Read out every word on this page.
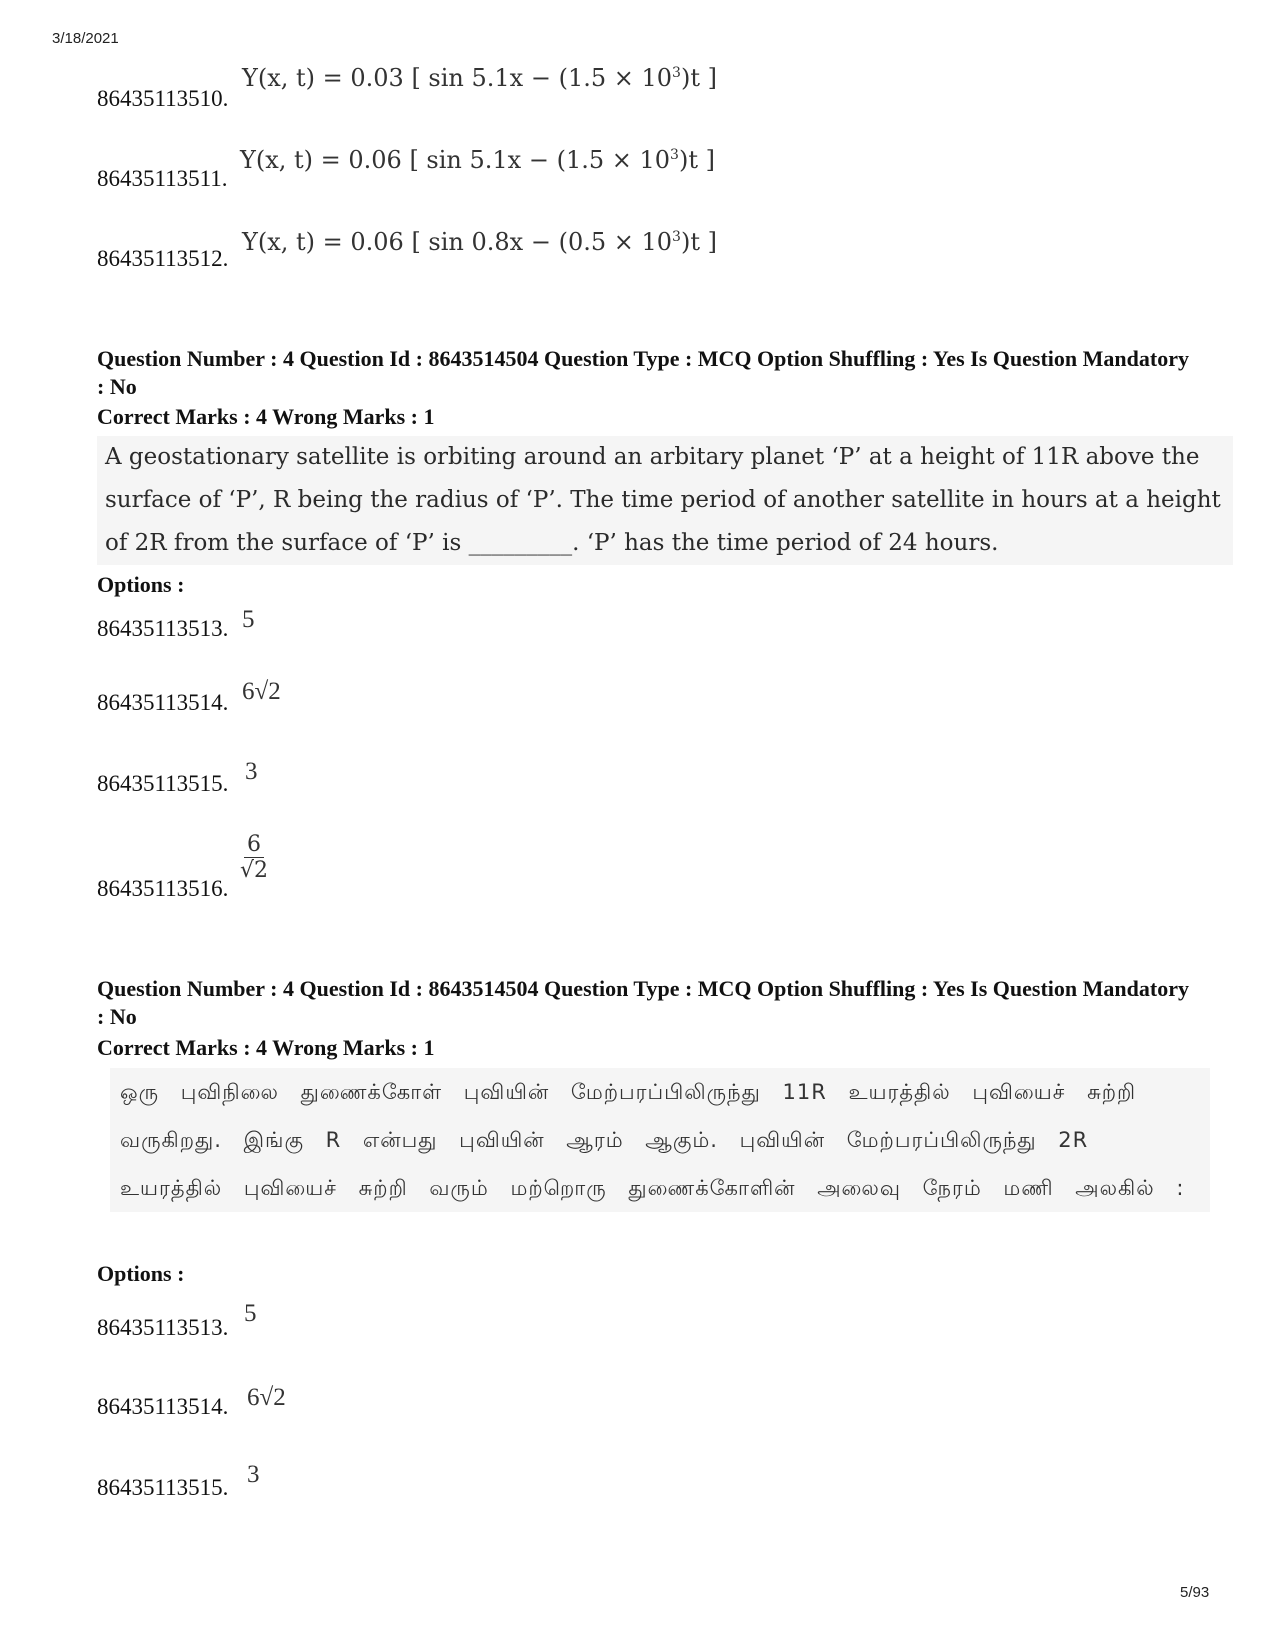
3/18/2021
86435113510.
Y(x, t) = 0.03 [ $\sin 5.1x - (1.5 \times 10^3)t$ ]
86435113511.
Y(x, t) = 0.06 [ $\sin 5.1x - (1.5 \times 10^3)t$ ]
86435113512.
Y(x, t) = 0.06 [ $\sin 0.8x - (0.5 \times 10^3)t$ ]
Question Number : 4 Question Id : 8643514504 Question Type : MCQ Option Shuffling : Yes Is Question Mandatory : No
Correct Marks : 4 Wrong Marks : 1
A geostationary satellite is orbiting around an arbitary planet ‘P’ at a height of 11R above the surface of ‘P’, R being the radius of ‘P’. The time period of another satellite in hours at a height of 2R from the surface of ‘P’ is _________. ‘P’ has the time period of 24 hours.
Options :
86435113513. 5
86435113514. 6√2
86435113515. 3
86435113516.
$\frac{6}{√2}$
Question Number : 4 Question Id : 8643514504 Question Type : MCQ Option Shuffling : Yes Is Question Mandatory : No
Correct Marks : 4 Wrong Marks : 1
ஒரு புவிநிலை துணைக்கோள் புவியின் மேற்பரப்பிலிருந்து 11R உயரத்தில் புவியைச் சுற்றி வருகிறது. இங்கு R என்பது புவியின் ஆரம் ஆகும். புவியின் மேற்பரப்பிலிருந்து 2R உயரத்தில் புவியைச் சுற்றி வரும் மற்றொரு துணைக்கோளின் அலைவு நேரம் மணி அலகில் :
Options :
86435113513.
5
86435113514. 6√2
86435113515. 3
5/93
